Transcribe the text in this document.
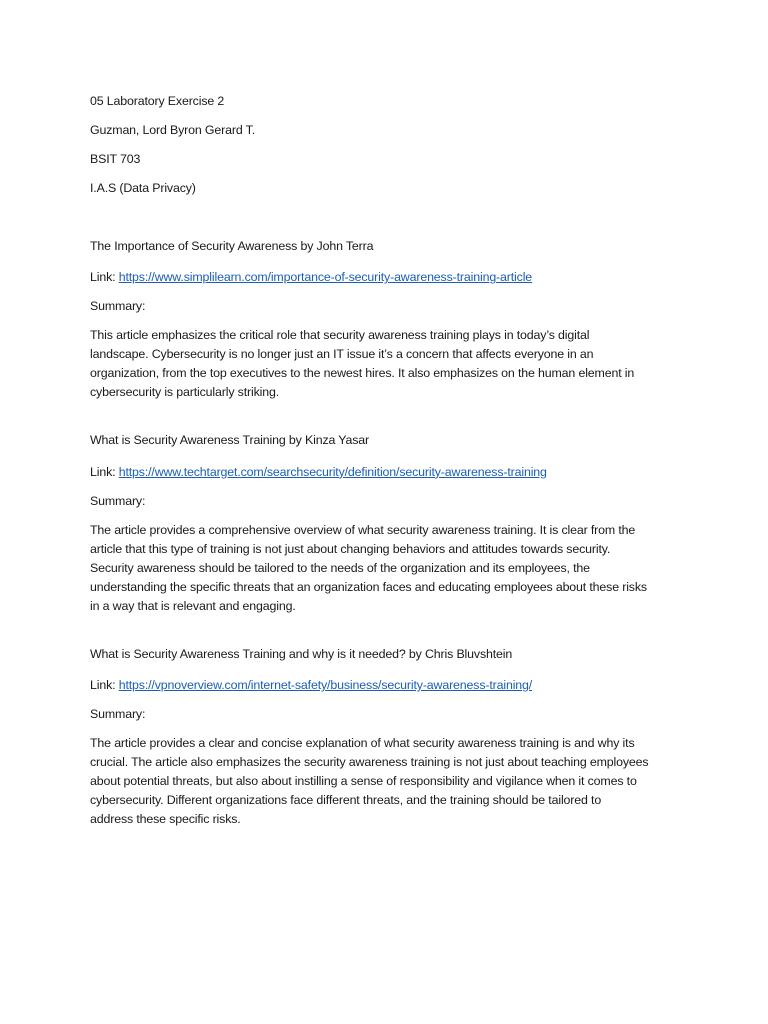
05 Laboratory Exercise 2

Guzman, Lord Byron Gerard T.

BSIT 703

I.A.S (Data Privacy)

The Importance of Security Awareness by John Terra

Link: https://www.simplilearn.com/importance-of-security-awareness-training-article

Summary:

This article emphasizes the critical role that security awareness training plays in today’s digital
landscape. Cybersecurity is no longer just an IT issue it’s a concern that affects everyone in an
organization, from the top executives to the newest hires. It also emphasizes on the human element in
cybersecurity is particularly striking.

What is Security Awareness Training by Kinza Yasar

Link: https://www.techtarget.com/searchsecurity/definition/security-awareness-training

Summary:

The article provides a comprehensive overview of what security awareness training. It is clear from the
article that this type of training is not just about changing behaviors and attitudes towards security.
Security awareness should be tailored to the needs of the organization and its employees, the
understanding the specific threats that an organization faces and educating employees about these risks
in a way that is relevant and engaging.

What is Security Awareness Training and why is it needed? by Chris Bluvshtein

Link: https://vpnoverview.com/internet-safety/business/security-awareness-training/

Summary:

The article provides a clear and concise explanation of what security awareness training is and why its
crucial. The article also emphasizes the security awareness training is not just about teaching employees
about potential threats, but also about instilling a sense of responsibility and vigilance when it comes to
cybersecurity. Different organizations face different threats, and the training should be tailored to
address these specific risks.
